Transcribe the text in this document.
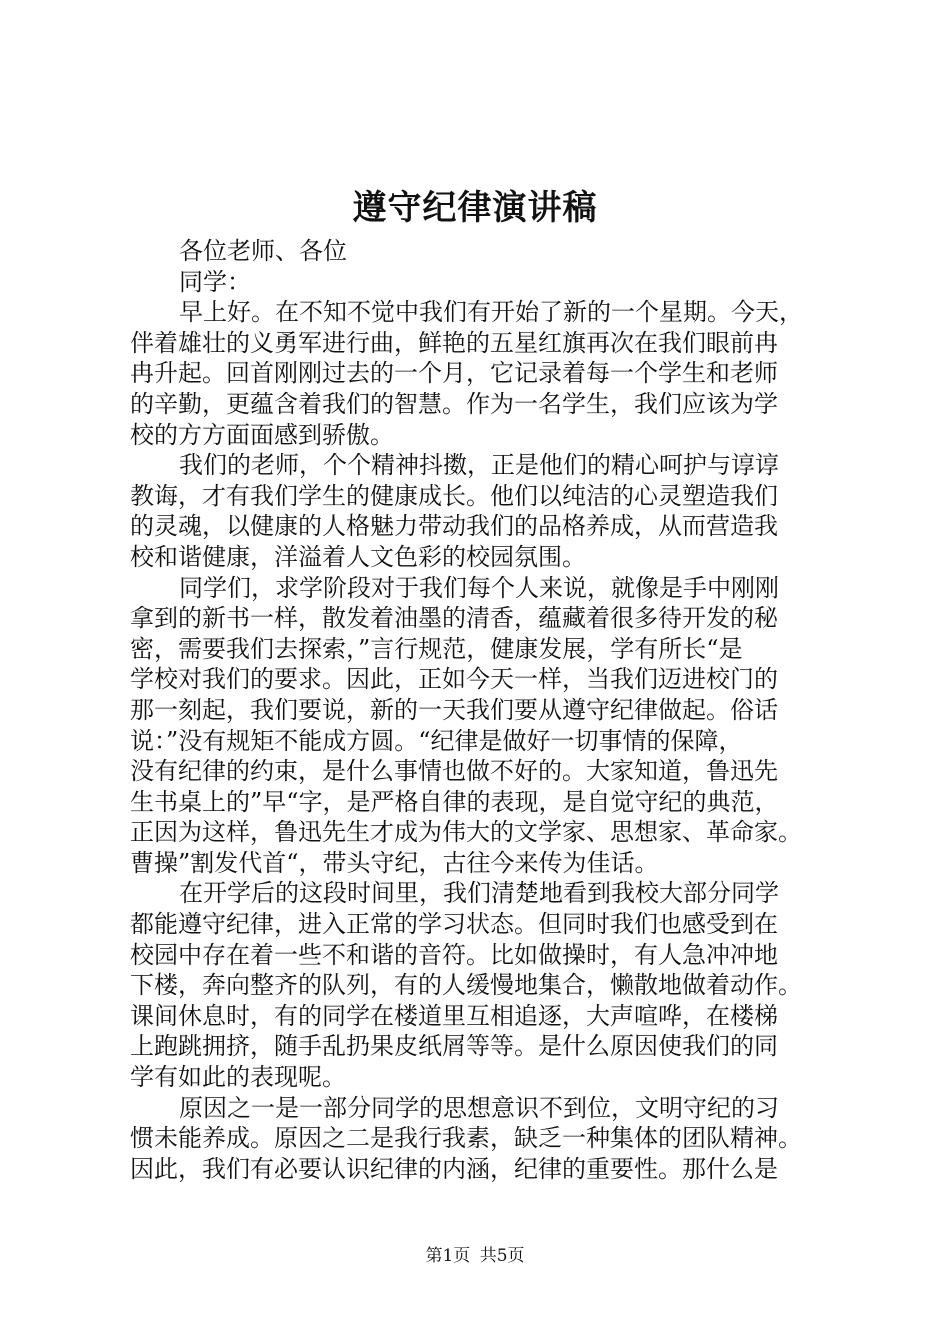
遵守纪律演讲稿
各位老师、各位
同学：
早上好。在不知不觉中我们有开始了新的一个星期。今天，
伴着雄壮的义勇军进行曲，鲜艳的五星红旗再次在我们眼前冉
冉升起。回首刚刚过去的一个月，它记录着每一个学生和老师
的辛勤，更蕴含着我们的智慧。作为一名学生，我们应该为学
校的方方面面感到骄傲。
我们的老师，个个精神抖擞，正是他们的精心呵护与谆谆
教诲，才有我们学生的健康成长。他们以纯洁的心灵塑造我们
的灵魂，以健康的人格魅力带动我们的品格养成，从而营造我
校和谐健康，洋溢着人文色彩的校园氛围。
同学们，求学阶段对于我们每个人来说，就像是手中刚刚
拿到的新书一样，散发着油墨的清香，蕴藏着很多待开发的秘
密，需要我们去探索，”言行规范，健康发展，学有所长“是
学校对我们的要求。因此，正如今天一样，当我们迈进校门的
那一刻起，我们要说，新的一天我们要从遵守纪律做起。俗话
说：”没有规矩不能成方圆。“纪律是做好一切事情的保障，
没有纪律的约束，是什么事情也做不好的。大家知道，鲁迅先
生书桌上的”早“字，是严格自律的表现，是自觉守纪的典范，
正因为这样，鲁迅先生才成为伟大的文学家、思想家、革命家。
曹操”割发代首“，带头守纪，古往今来传为佳话。
在开学后的这段时间里，我们清楚地看到我校大部分同学
都能遵守纪律，进入正常的学习状态。但同时我们也感受到在
校园中存在着一些不和谐的音符。比如做操时，有人急冲冲地
下楼，奔向整齐的队列，有的人缓慢地集合，懒散地做着动作。
课间休息时，有的同学在楼道里互相追逐，大声喧哗，在楼梯
上跑跳拥挤，随手乱扔果皮纸屑等等。是什么原因使我们的同
学有如此的表现呢。
原因之一是一部分同学的思想意识不到位，文明守纪的习
惯未能养成。原因之二是我行我素，缺乏一种集体的团队精神。
因此，我们有必要认识纪律的内涵，纪律的重要性。那什么是
第1页 共5页
